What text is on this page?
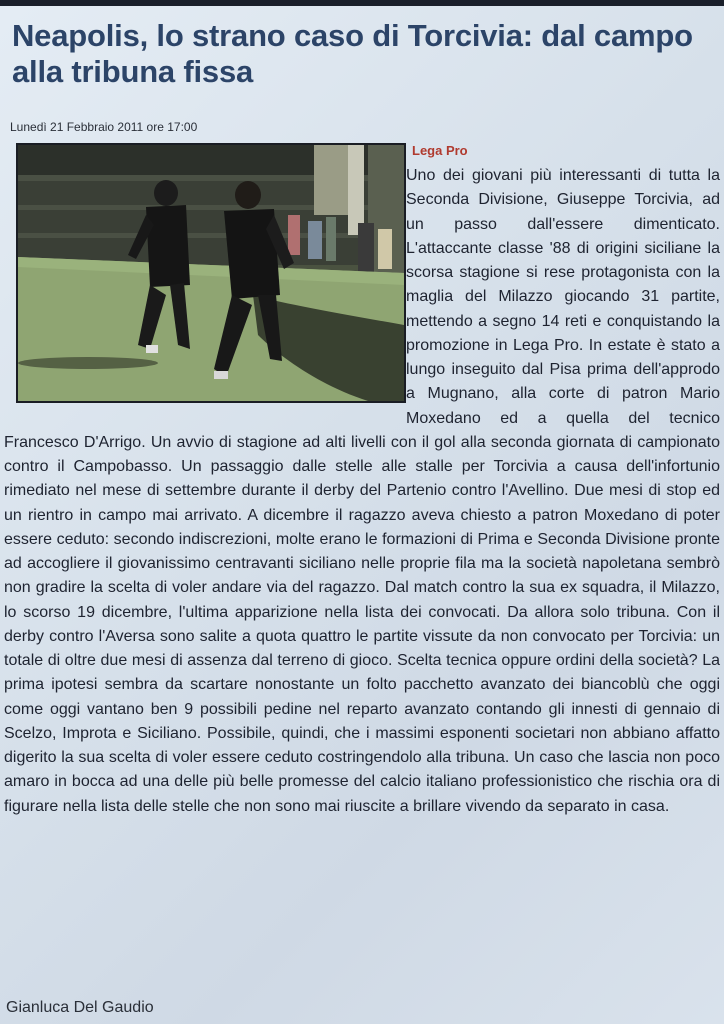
Neapolis, lo strano caso di Torcivia: dal campo alla tribuna fissa
Lunedì 21 Febbraio 2011 ore 17:00
Lega Pro

Uno dei giovani più interessanti di tutta la Seconda Divisione, Giuseppe Torcivia, ad un passo dall'essere dimenticato. L'attaccante classe '88 di origini siciliane la scorsa stagione si rese protagonista con la maglia del Milazzo giocando 31 partite, mettendo a segno 14 reti e conquistando la promozione in Lega Pro. In estate è stato a lungo inseguito dal Pisa prima dell'approdo a Mugnano, alla corte di patron Mario Moxedano ed a quella del tecnico Francesco D'Arrigo. Un avvio di stagione ad alti livelli con il gol alla seconda giornata di campionato contro il Campobasso. Un passaggio dalle stelle alle stalle per Torcivia a causa dell'infortunio rimediato nel mese di settembre durante il derby del Partenio contro l'Avellino. Due mesi di stop ed un rientro in campo mai arrivato. A dicembre il ragazzo aveva chiesto a patron Moxedano di poter essere ceduto: secondo indiscrezioni, molte erano le formazioni di Prima e Seconda Divisione pronte ad accogliere il giovanissimo centravanti siciliano nelle proprie fila ma la società napoletana sembrò non gradire la scelta di voler andare via del ragazzo. Dal match contro la sua ex squadra, il Milazzo, lo scorso 19 dicembre, l'ultima apparizione nella lista dei convocati. Da allora solo tribuna. Con il derby contro l'Aversa sono salite a quota quattro le partite vissute da non convocato per Torcivia: un totale di oltre due mesi di assenza dal terreno di gioco. Scelta tecnica oppure ordini della società? La prima ipotesi sembra da scartare nonostante un folto pacchetto avanzato dei biancoblù che oggi come oggi vantano ben 9 possibili pedine nel reparto avanzato contando gli innesti di gennaio di Scelzo, Improta e Siciliano. Possibile, quindi, che i massimi esponenti societari non abbiano affatto digerito la sua scelta di voler essere ceduto costringendolo alla tribuna. Un caso che lascia non poco amaro in bocca ad una delle più belle promesse del calcio italiano professionistico che rischia ora di figurare nella lista delle stelle che non sono mai riuscite a brillare vivendo da separato in casa.

Gianluca Del Gaudio
